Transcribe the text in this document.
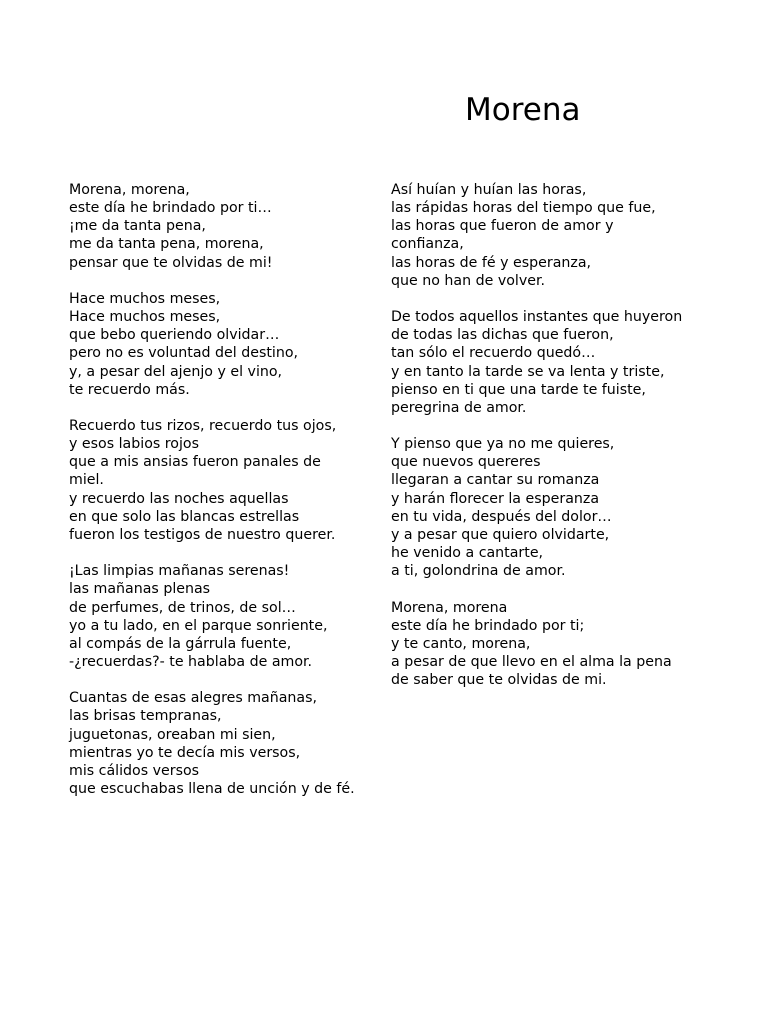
Morena
Morena, morena,
este día he brindado por ti…
¡me da tanta pena,
me da tanta pena, morena,
pensar que te olvidas de mi!
Hace muchos meses,
Hace muchos meses,
que bebo queriendo olvidar…
pero no es voluntad del destino,
y, a pesar del ajenjo y el vino,
te recuerdo más.
Recuerdo tus rizos, recuerdo tus ojos,
y esos labios rojos
que a mis ansias fueron panales de
miel.
y recuerdo las noches aquellas
en que solo las blancas estrellas
fueron los testigos de nuestro querer.
¡Las limpias mañanas serenas!
las mañanas plenas
de perfumes, de trinos, de sol…
yo a tu lado, en el parque sonriente,
al compás de la gárrula fuente,
-¿recuerdas?- te hablaba de amor.
Cuantas de esas alegres mañanas,
las brisas tempranas,
juguetonas, oreaban mi sien,
mientras yo te decía mis versos,
mis cálidos versos
que escuchabas llena de unción y de fé.
Así huían y huían las horas,
las rápidas horas del tiempo que fue,
las horas que fueron de amor y
confianza,
las horas de fé y esperanza,
que no han de volver.
De todos aquellos instantes que huyeron
de todas las dichas que fueron,
tan sólo el recuerdo quedó…
y en tanto la tarde se va lenta y triste,
pienso en ti que una tarde te fuiste,
peregrina de amor.
Y pienso que ya no me quieres,
que nuevos quereres
llegaran a cantar su romanza
y harán florecer la esperanza
en tu vida, después del dolor…
y a pesar que quiero olvidarte,
he venido a cantarte,
a ti, golondrina de amor.
Morena, morena
este día he brindado por ti;
y te canto, morena,
a pesar de que llevo en el alma la pena
de saber que te olvidas de mi.
